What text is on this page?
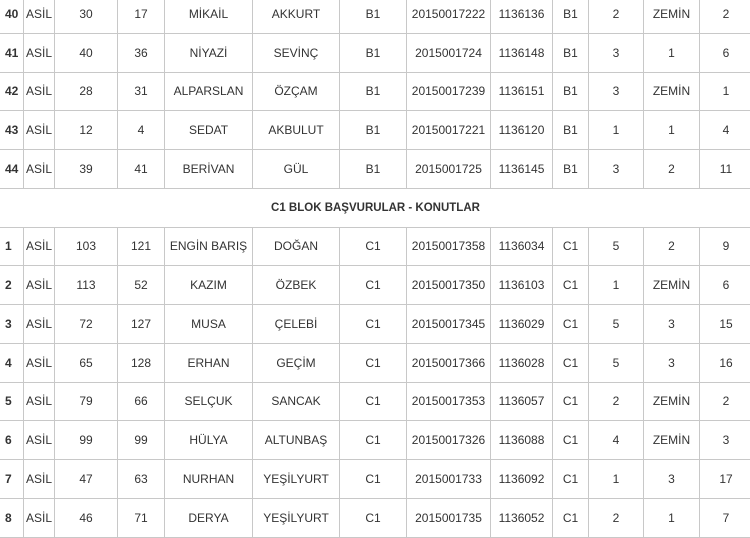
40	ASİL	30	17	MİKAİL	AKKURT	B1	20150017222	1136136	B1	2	ZEMİN	2
41	ASİL	40	36	NİYAZİ	SEVİNÇ	B1	2015001724	1136148	B1	3	1	6
42	ASİL	28	31	ALPARSLAN	ÖZÇAM	B1	20150017239	1136151	B1	3	ZEMİN	1
43	ASİL	12	4	SEDAT	AKBULUT	B1	20150017221	1136120	B1	1	1	4
44	ASİL	39	41	BERİVAN	GÜL	B1	2015001725	1136145	B1	3	2	11
C1 BLOK BAŞVURULAR - KONUTLAR												
1	ASİL	103	121	ENGİN BARIŞ	DOĞAN	C1	20150017358	1136034	C1	5	2	9
2	ASİL	113	52	KAZIM	ÖZBEK	C1	20150017350	1136103	C1	1	ZEMİN	6
3	ASİL	72	127	MUSA	ÇELEBİ	C1	20150017345	1136029	C1	5	3	15
4	ASİL	65	128	ERHAN	GEÇİM	C1	20150017366	1136028	C1	5	3	16
5	ASİL	79	66	SELÇUK	SANCAK	C1	20150017353	1136057	C1	2	ZEMİN	2
6	ASİL	99	99	HÜLYA	ALTUNBAŞ	C1	20150017326	1136088	C1	4	ZEMİN	3
7	ASİL	47	63	NURHAN	YEŞİLYURT	C1	2015001733	1136092	C1	1	3	17
8	ASİL	46	71	DERYA	YEŞİLYURT	C1	2015001735	1136052	C1	2	1	7
